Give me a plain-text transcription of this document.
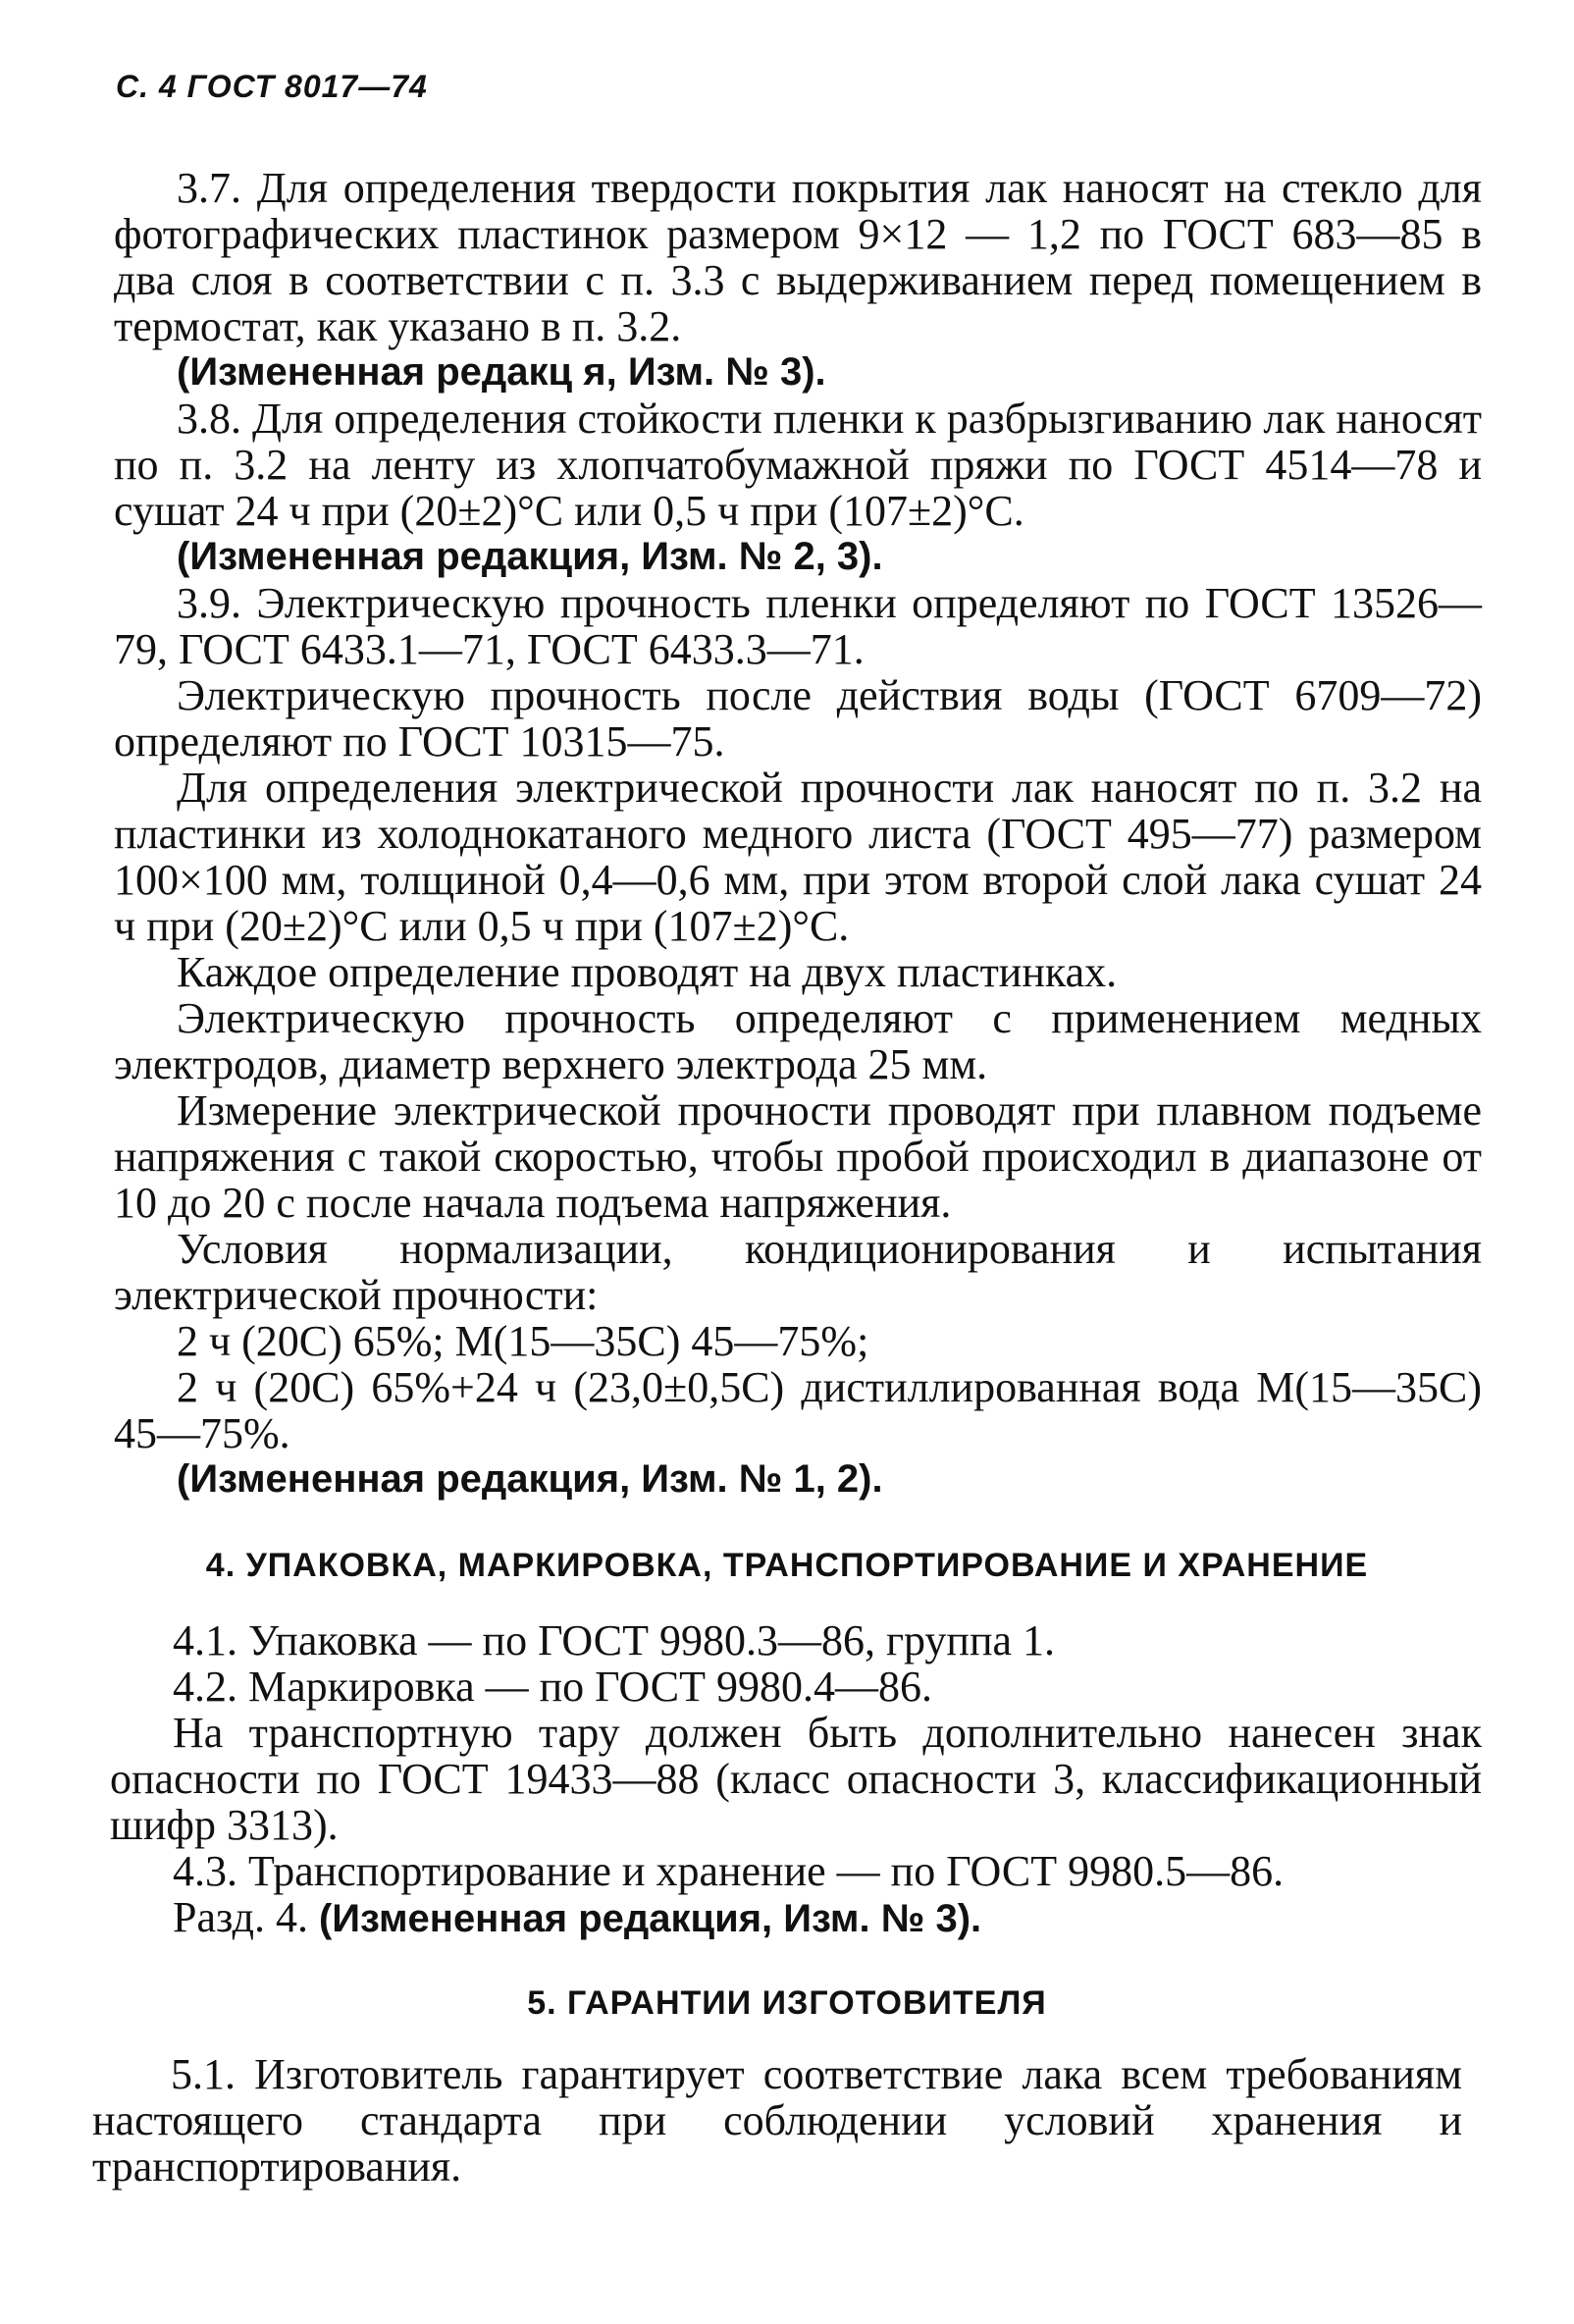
С. 4 ГОСТ 8017—74

3.7. Для определения твердости покрытия лак наносят на стекло для фотографических пластинок размером 9×12 — 1,2 по ГОСТ 683—85 в два слоя в соответствии с п. 3.3 с выдерживанием перед помещением в термостат, как указано в п. 3.2.

(Измененная редакц я, Изм. № 3).

3.8. Для определения стойкости пленки к разбрызгиванию лак наносят по п. 3.2 на ленту из хлопчатобумажной пряжи по ГОСТ 4514—78 и сушат 24 ч при (20±2)°С или 0,5 ч при (107±2)°С.

(Измененная редакция, Изм. № 2, 3).

3.9. Электрическую прочность пленки определяют по ГОСТ 13526—79, ГОСТ 6433.1—71, ГОСТ 6433.3—71.

Электрическую прочность после действия воды (ГОСТ 6709—72) определяют по ГОСТ 10315—75.

Для определения электрической прочности лак наносят по п. 3.2 на пластинки из холоднокатаного медного листа (ГОСТ 495—77) размером 100×100 мм, толщиной 0,4—0,6 мм, при этом второй слой лака сушат 24 ч при (20±2)°С или 0,5 ч при (107±2)°С.

Каждое определение проводят на двух пластинках.

Электрическую прочность определяют с применением медных электродов, диаметр верхнего электрода 25 мм.

Измерение электрической прочности проводят при плавном подъеме напряжения с такой скоростью, чтобы пробой происходил в диапазоне от 10 до 20 с после начала подъема напряжения.

Условия нормализации, кондиционирования и испытания электрической прочности:

2 ч (20С) 65%; М(15—35С) 45—75%;

2 ч (20С) 65%+24 ч (23,0±0,5С) дистиллированная вода М(15—35С) 45—75%.

(Измененная редакция, Изм. № 1, 2).

4. УПАКОВКА, МАРКИРОВКА, ТРАНСПОРТИРОВАНИЕ И ХРАНЕНИЕ

4.1. Упаковка — по ГОСТ 9980.3—86, группа 1.

4.2. Маркировка — по ГОСТ 9980.4—86.

На транспортную тару должен быть дополнительно нанесен знак опасности по ГОСТ 19433—88 (класс опасности 3, классификационный шифр 3313).

4.3. Транспортирование и хранение — по ГОСТ 9980.5—86.

Разд. 4. (Измененная редакция, Изм. № 3).

5. ГАРАНТИИ ИЗГОТОВИТЕЛЯ

5.1. Изготовитель гарантирует соответствие лака всем требованиям настоящего стандарта при соблюдении условий хранения и транспортирования.
